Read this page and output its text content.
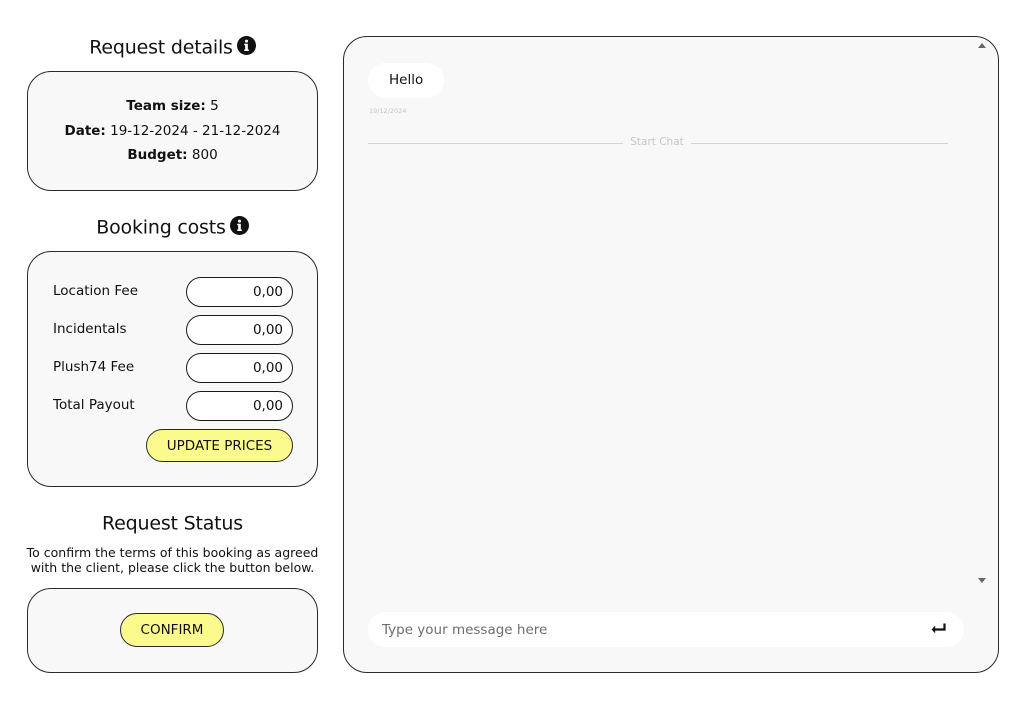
Request details
Team size: 5
Date: 19-12-2024 - 21-12-2024
Budget: 800
Booking costs
Location Fee
0,00
Incidentals
0,00
Plush74 Fee
0,00
Total Payout
0,00
UPDATE PRICES
Request Status
To confirm the terms of this booking as agreed with the client, please click the button below.
CONFIRM
Hello
19/12/2024
Start Chat
Type your message here
